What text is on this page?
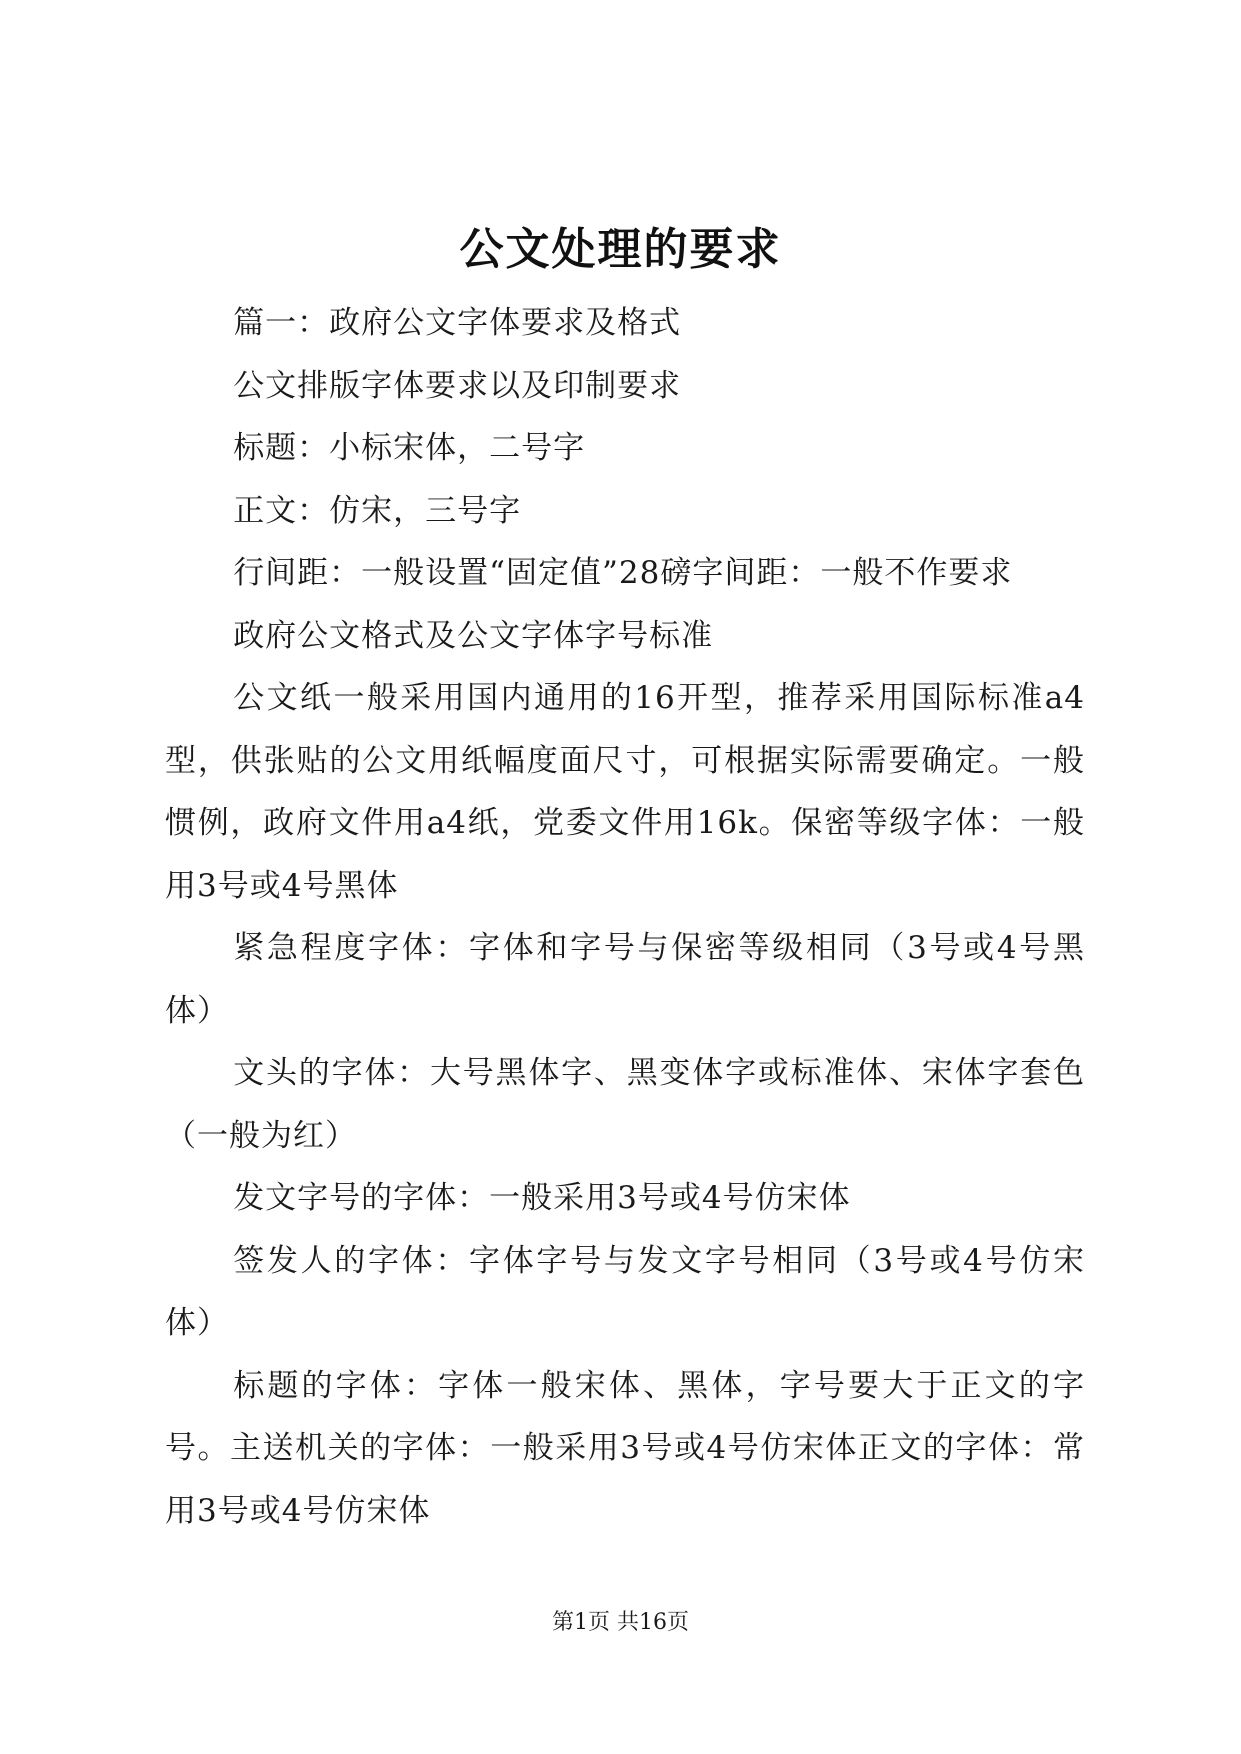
公文处理的要求

篇一：政府公文字体要求及格式

公文排版字体要求以及印制要求

标题：小标宋体，二号字

正文：仿宋，三号字

行间距：一般设置“固定值”28磅字间距：一般不作要求

政府公文格式及公文字体字号标准

公文纸一般采用国内通用的16开型，推荐采用国际标准a4型，供张贴的公文用纸幅度面尺寸，可根据实际需要确定。一般惯例，政府文件用a4纸，党委文件用16k。保密等级字体：一般用3号或4号黑体

紧急程度字体：字体和字号与保密等级相同（3号或4号黑体）

文头的字体：大号黑体字、黑变体字或标准体、宋体字套色（一般为红）

发文字号的字体：一般采用3号或4号仿宋体

签发人的字体：字体字号与发文字号相同（3号或4号仿宋体）

标题的字体：字体一般宋体、黑体，字号要大于正文的字号。主送机关的字体：一般采用3号或4号仿宋体正文的字体：常用3号或4号仿宋体

第1页 共16页
